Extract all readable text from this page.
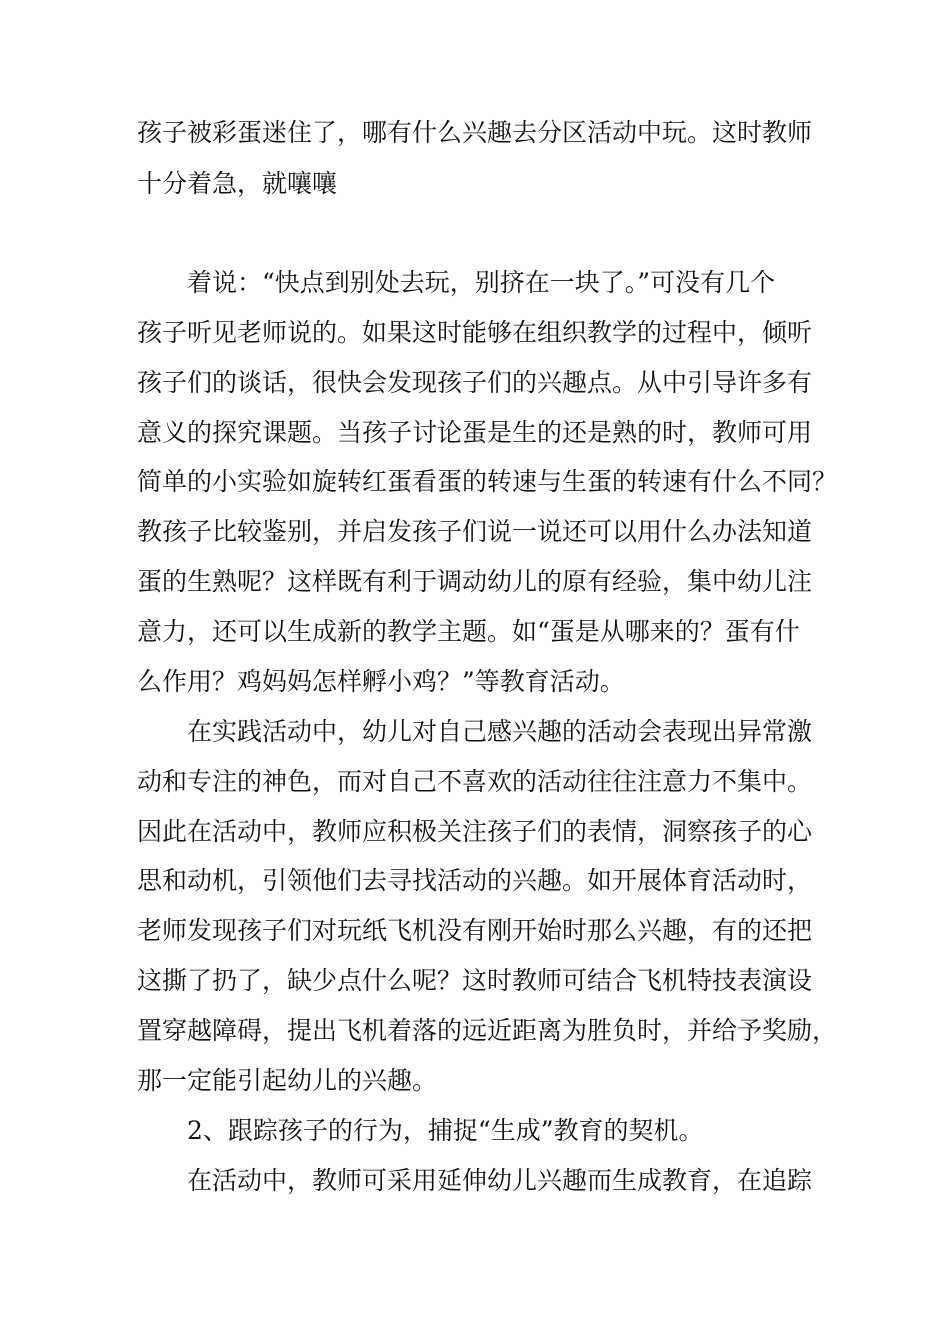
孩子被彩蛋迷住了，哪有什么兴趣去分区活动中玩。这时教师
十分着急，就嚷嚷
着说：“快点到别处去玩，别挤在一块了。”可没有几个
孩子听见老师说的。如果这时能够在组织教学的过程中，倾听
孩子们的谈话，很快会发现孩子们的兴趣点。从中引导许多有
意义的探究课题。当孩子讨论蛋是生的还是熟的时，教师可用
简单的小实验如旋转红蛋看蛋的转速与生蛋的转速有什么不同？
教孩子比较鉴别，并启发孩子们说一说还可以用什么办法知道
蛋的生熟呢？这样既有利于调动幼儿的原有经验，集中幼儿注
意力，还可以生成新的教学主题。如“蛋是从哪来的？蛋有什
么作用？鸡妈妈怎样孵小鸡？”等教育活动。
在实践活动中，幼儿对自己感兴趣的活动会表现出异常激
动和专注的神色，而对自己不喜欢的活动往往注意力不集中。
因此在活动中，教师应积极关注孩子们的表情，洞察孩子的心
思和动机，引领他们去寻找活动的兴趣。如开展体育活动时，
老师发现孩子们对玩纸飞机没有刚开始时那么兴趣，有的还把
这撕了扔了，缺少点什么呢？这时教师可结合飞机特技表演设
置穿越障碍，提出飞机着落的远近距离为胜负时，并给予奖励，
那一定能引起幼儿的兴趣。
2、跟踪孩子的行为，捕捉“生成”教育的契机。
在活动中，教师可采用延伸幼儿兴趣而生成教育，在追踪
